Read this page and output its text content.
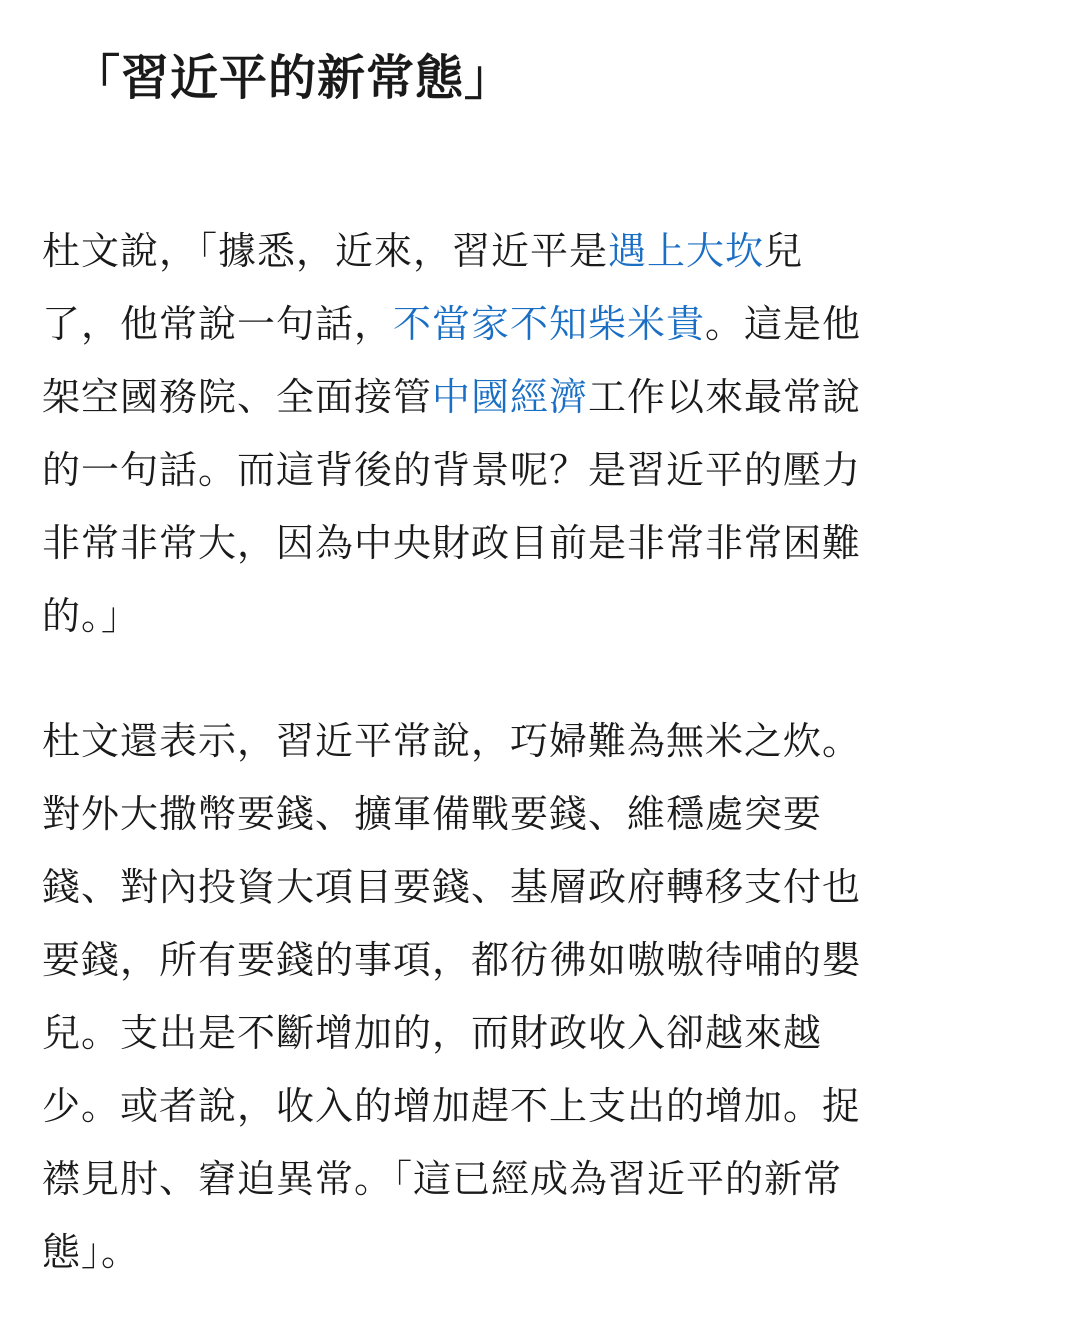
「習近平的新常態」
杜文說，「據悉，近來，習近平是遇上大坎兒
了，他常說一句話，不當家不知柴米貴。這是他
架空國務院、全面接管中國經濟工作以來最常說
的一句話。而這背後的背景呢？是習近平的壓力
非常非常大，因為中央財政目前是非常非常困難
的。」
杜文還表示，習近平常說，巧婦難為無米之炊。
對外大撒幣要錢、擴軍備戰要錢、維穩處突要
錢、對內投資大項目要錢、基層政府轉移支付也
要錢，所有要錢的事項，都彷彿如嗷嗷待哺的嬰
兒。支出是不斷增加的，而財政收入卻越來越
少。或者說，收入的增加趕不上支出的增加。捉
襟見肘、窘迫異常。「這已經成為習近平的新常
態」。
